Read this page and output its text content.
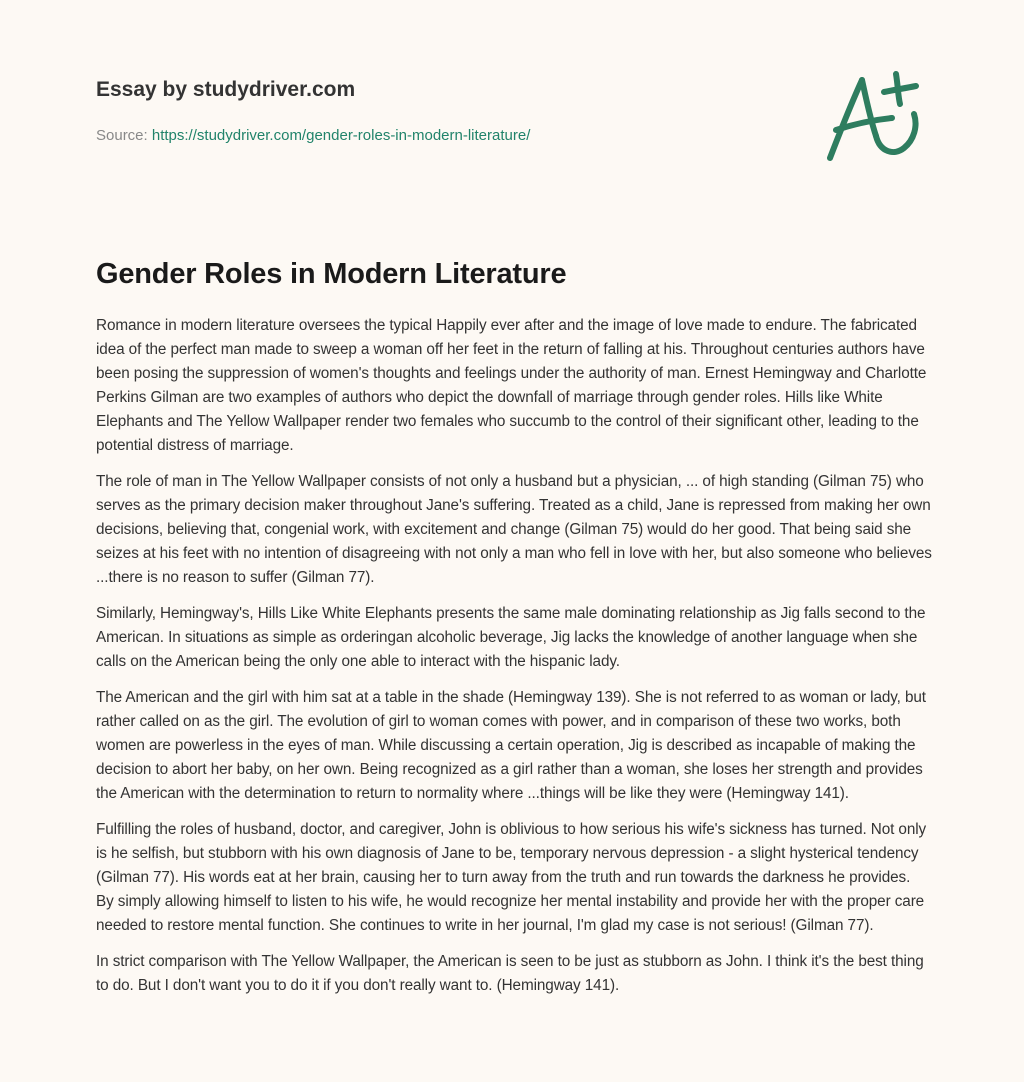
Essay by studydriver.com
Source: https://studydriver.com/gender-roles-in-modern-literature/
Gender Roles in Modern Literature

Romance in modern literature oversees the typical Happily ever after and the image of love made to endure. The fabricated idea of the perfect man made to sweep a woman off her feet in the return of falling at his. Throughout centuries authors have been posing the suppression of women's thoughts and feelings under the authority of man. Ernest Hemingway and Charlotte Perkins Gilman are two examples of authors who depict the downfall of marriage through gender roles. Hills like White Elephants and The Yellow Wallpaper render two females who succumb to the control of their significant other, leading to the potential distress of marriage.

The role of man in The Yellow Wallpaper consists of not only a husband but a physician, ... of high standing (Gilman 75) who serves as the primary decision maker throughout Jane's suffering. Treated as a child, Jane is repressed from making her own decisions, believing that, congenial work, with excitement and change (Gilman 75) would do her good. That being said she seizes at his feet with no intention of disagreeing with not only a man who fell in love with her, but also someone who believes ...there is no reason to suffer (Gilman 77).

Similarly, Hemingway's, Hills Like White Elephants presents the same male dominating relationship as Jig falls second to the American. In situations as simple as orderingan alcoholic beverage, Jig lacks the knowledge of another language when she calls on the American being the only one able to interact with the hispanic lady.

The American and the girl with him sat at a table in the shade (Hemingway 139). She is not referred to as woman or lady, but rather called on as the girl. The evolution of girl to woman comes with power, and in comparison of these two works, both women are powerless in the eyes of man. While discussing a certain operation, Jig is described as incapable of making the decision to abort her baby, on her own. Being recognized as a girl rather than a woman, she loses her strength and provides the American with the determination to return to normality where ...things will be like they were (Hemingway 141).

Fulfilling the roles of husband, doctor, and caregiver, John is oblivious to how serious his wife's sickness has turned. Not only is he selfish, but stubborn with his own diagnosis of Jane to be, temporary nervous depression - a slight hysterical tendency (Gilman 77). His words eat at her brain, causing her to turn away from the truth and run towards the darkness he provides. By simply allowing himself to listen to his wife, he would recognize her mental instability and provide her with the proper care needed to restore mental function. She continues to write in her journal, I'm glad my case is not serious! (Gilman 77).

In strict comparison with The Yellow Wallpaper, the American is seen to be just as stubborn as John. I think it's the best thing to do. But I don't want you to do it if you don't really want to. (Hemingway 141).
